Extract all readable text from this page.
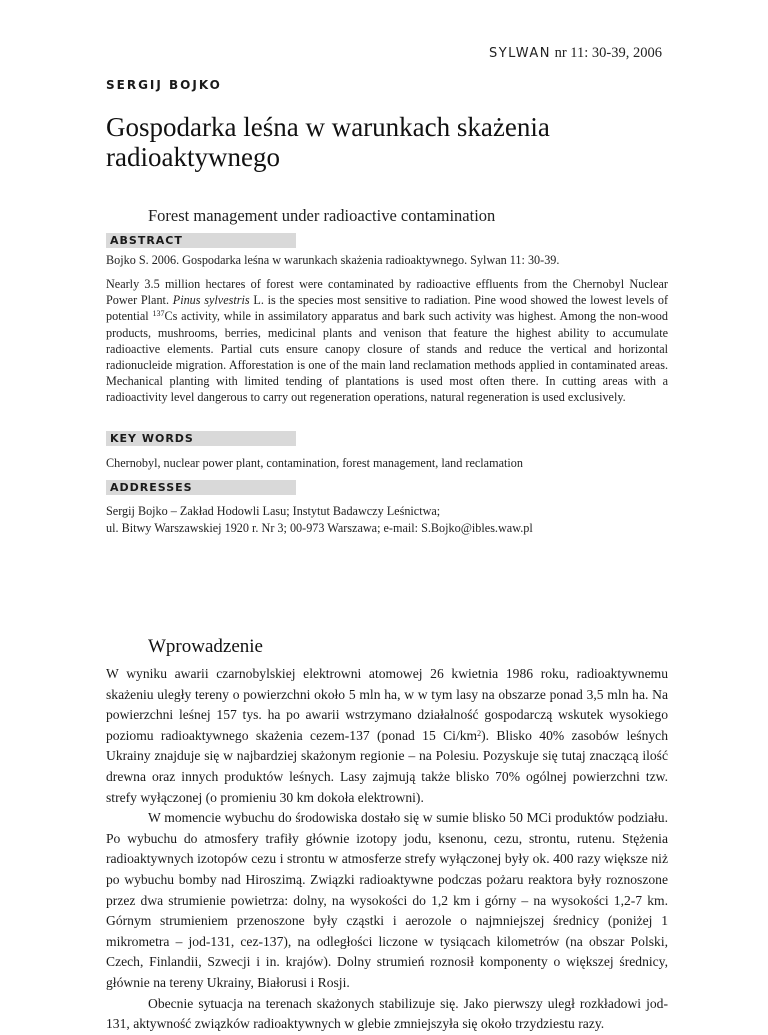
SYLWAN nr 11: 30-39, 2006
SERGIJ BOJKO
Gospodarka leśna w warunkach skażenia radioaktywnego
Forest management under radioactive contamination
ABSTRACT
Bojko S. 2006. Gospodarka leśna w warunkach skażenia radioaktywnego. Sylwan 11: 30-39.
Nearly 3.5 million hectares of forest were contaminated by radioactive effluents from the Chernobyl Nuclear Power Plant. Pinus sylvestris L. is the species most sensitive to radiation. Pine wood showed the lowest levels of potential $^{137}$Cs activity, while in assimilatory apparatus and bark such activity was highest. Among the non-wood products, mushrooms, berries, medicinal plants and venison that feature the highest ability to accumulate radioactive elements. Partial cuts ensure canopy closure of stands and reduce the vertical and horizontal radionucleide migration. Afforestation is one of the main land reclamation methods applied in contaminated areas. Mechanical planting with limited tending of plantations is used most often there. In cutting areas with a radioactivity level dangerous to carry out regeneration operations, natural regeneration is used exclusively.
KEY WORDS
Chernobyl, nuclear power plant, contamination, forest management, land reclamation
ADDRESSES
Sergij Bojko – Zakład Hodowli Lasu; Instytut Badawczy Leśnictwa;
ul. Bitwy Warszawskiej 1920 r. Nr 3; 00-973 Warszawa; e-mail: S.Bojko@ibles.waw.pl
Wprowadzenie

W wyniku awarii czarnobylskiej elektrowni atomowej 26 kwietnia 1986 roku, radioaktywnemu skażeniu uległy tereny o powierzchni około 5 mln ha, w w tym lasy na obszarze ponad 3,5 mln ha. Na powierzchni leśnej 157 tys. ha po awarii wstrzymano działalność gospodarczą wskutek wysokiego poziomu radioaktywnego skażenia cezem-137 (ponad 15 $Ci/km^2$). Blisko 40% zasobów leśnych Ukrainy znajduje się w najbardziej skażonym regionie – na Polesiu. Pozyskuje się tutaj znaczącą ilość drewna oraz innych produktów leśnych. Lasy zajmują także blisko 70% ogólnej powierzchni tzw. strefy wyłączonej (o promieniu 30 km dokoła elektrowni).

W momencie wybuchu do środowiska dostało się w sumie blisko 50 MCi produktów podziału. Po wybuchu do atmosfery trafiły głównie izotopy jodu, ksenonu, cezu, strontu, rutenu. Stężenia radioaktywnych izotopów cezu i strontu w atmosferze strefy wyłączonej były ok. 400 razy większe niż po wybuchu bomby nad Hiroszimą. Związki radioaktywne podczas pożaru reaktora były roznoszone przez dwa strumienie powietrza: dolny, na wysokości do 1,2 km i górny – na wysokości 1,2-7 km. Górnym strumieniem przenoszone były cząstki i aerozole o najmniejszej średnicy (poniżej 1 mikrometra – jod-131, cez-137), na odległości liczone w tysiącach kilometrów (na obszar Polski, Czech, Finlandii, Szwecji i in. krajów). Dolny strumień roznosił komponenty o większej średnicy, głównie na tereny Ukrainy, Białorusi i Rosji.

Obecnie sytuacja na terenach skażonych stabilizuje się. Jako pierwszy uległ rozkładowi jod-131, aktywność związków radioaktywnych w glebie zmniejszyła się około trzydziestu razy.
